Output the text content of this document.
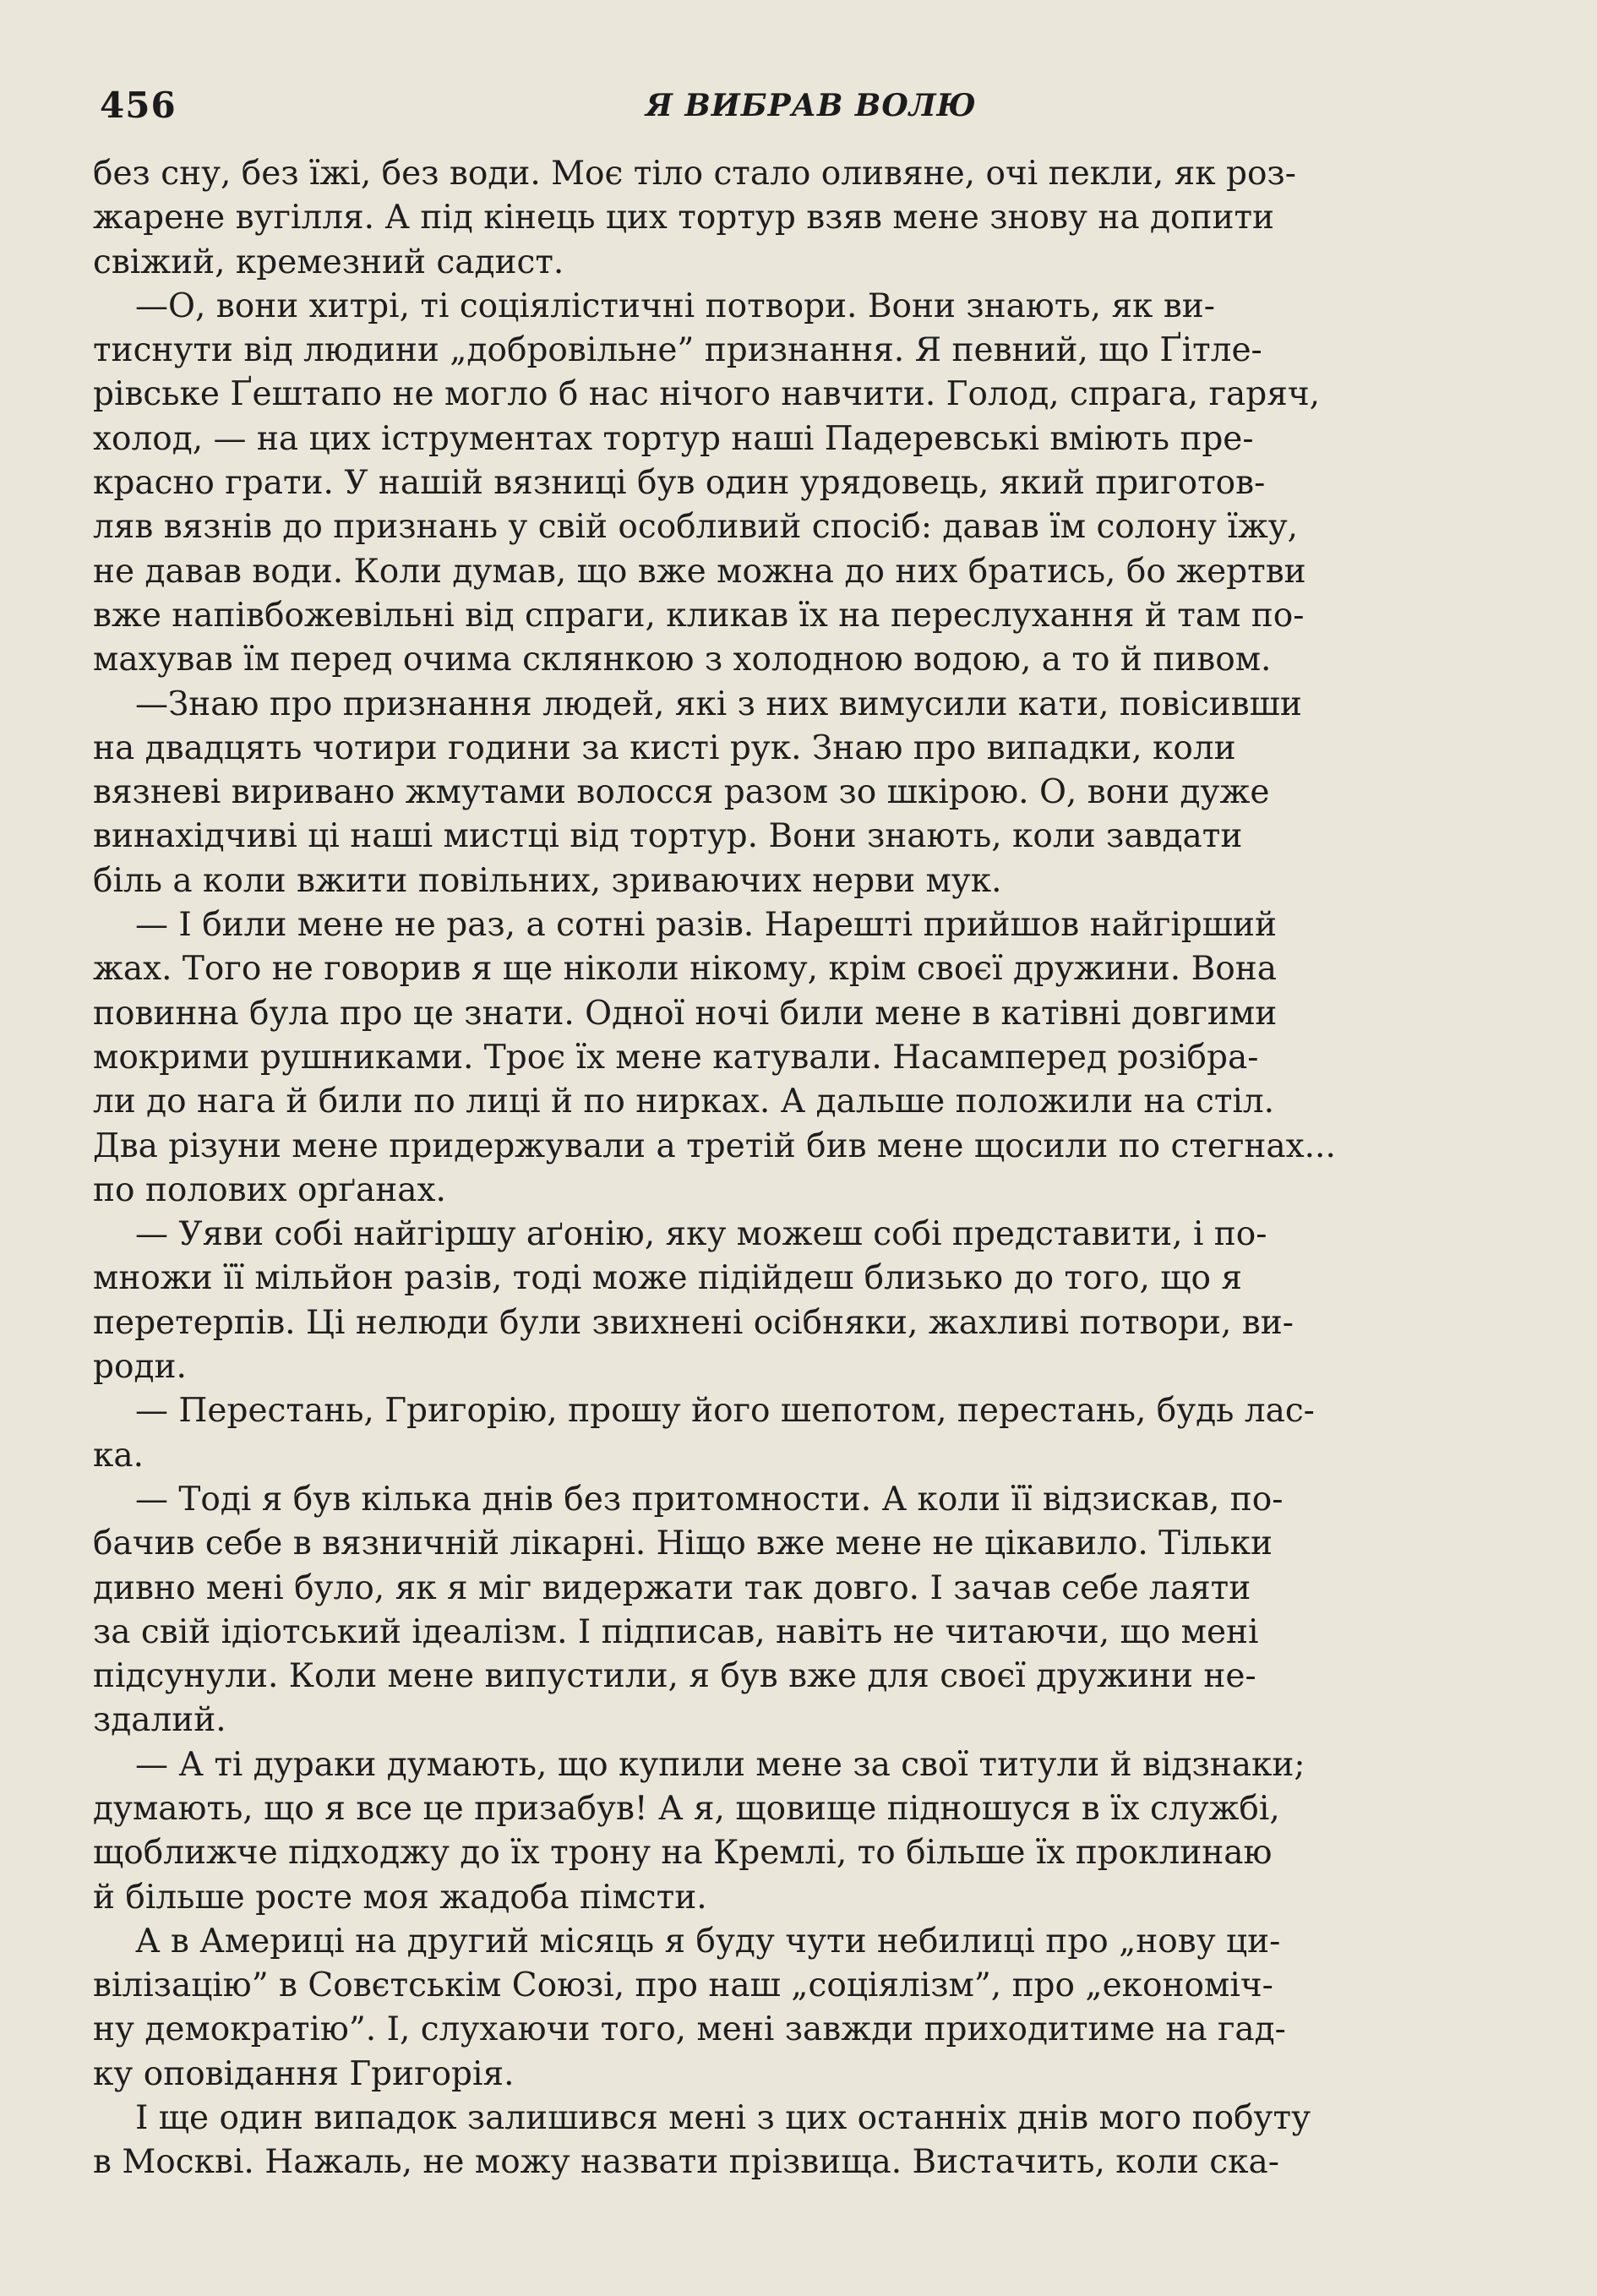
456	Я ВИБРАВ ВОЛЮ

без сну, без їжі, без води. Моє тіло стало оливяне, очі пекли, як роз-
жарене вугілля. А під кінець цих тортур взяв мене знову на допити
свіжий, кремезний садист.

—О, вони хитрі, ті соціялістичні потвори. Вони знають, як ви-
тиснути від людини „добровільне” признання. Я певний, що Ґітле-
рівське Ґештапо не могло б нас нічого навчити. Голод, спрага, гаряч,
холод, — на цих іструментах тортур наші Падеревські вміють пре-
красно грати. У нашій вязниці був один урядовець, який приготов-
ляв вязнів до признань у свій особливий спосіб: давав їм солону їжу,
не давав води. Коли думав, що вже можна до них братись, бо жертви
вже напівбожевільні від спраги, кликав їх на переслухання й там по-
махував їм перед очима склянкою з холодною водою, а то й пивом.

—Знаю про признання людей, які з них вимусили кати, повісивши
на двадцять чотири години за кисті рук. Знаю про випадки, коли
вязневі виривано жмутами волосся разом зо шкірою. О, вони дуже
винахідчиві ці наші мистці від тортур. Вони знають, коли завдати
біль а коли вжити повільних, зриваючих нерви мук.

— І били мене не раз, а сотні разів. Нарешті прийшов найгірший
жах. Того не говорив я ще ніколи нікому, крім своєї дружини. Вона
повинна була про це знати. Одної ночі били мене в катівні довгими
мокрими рушниками. Троє їх мене катували. Насамперед розібра-
ли до нага й били по лиці й по нирках. А дальше положили на стіл.
Два різуни мене придержували а третій бив мене щосили по стегнах...
по полових орґанах.

— Уяви собі найгіршу аґонію, яку можеш собі представити, і по-
множи її мільйон разів, тоді може підійдеш близько до того, що я
перетерпів. Ці нелюди були звихнені осібняки, жахливі потвори, ви-
роди.

— Перестань, Григорію, прошу його шепотом, перестань, будь лас-
ка.

— Тоді я був кілька днів без притомности. А коли її відзискав, по-
бачив себе в вязничній лікарні. Ніщо вже мене не цікавило. Тільки
дивно мені було, як я міг видержати так довго. І зачав себе лаяти
за свій ідіотський ідеалізм. І підписав, навіть не читаючи, що мені
підсунули. Коли мене випустили, я був вже для своєї дружини не-
здалий.

— А ті дураки думають, що купили мене за свої титули й відзнаки;
думають, що я все це призабув! А я, щовище підношуся в їх службі,
щоближче підходжу до їх трону на Кремлі, то більше їх проклинаю
й більше росте моя жадоба пімсти.

А в Америці на другий місяць я буду чути небилиці про „нову ци-
вілізацію” в Совєтськім Союзі, про наш „соціялізм”, про „економіч-
ну демократію”. І, слухаючи того, мені завжди приходитиме на гад-
ку оповідання Григорія.

І ще один випадок залишився мені з цих останніх днів мого побуту
в Москві. Нажаль, не можу назвати прізвища. Вистачить, коли ска-
